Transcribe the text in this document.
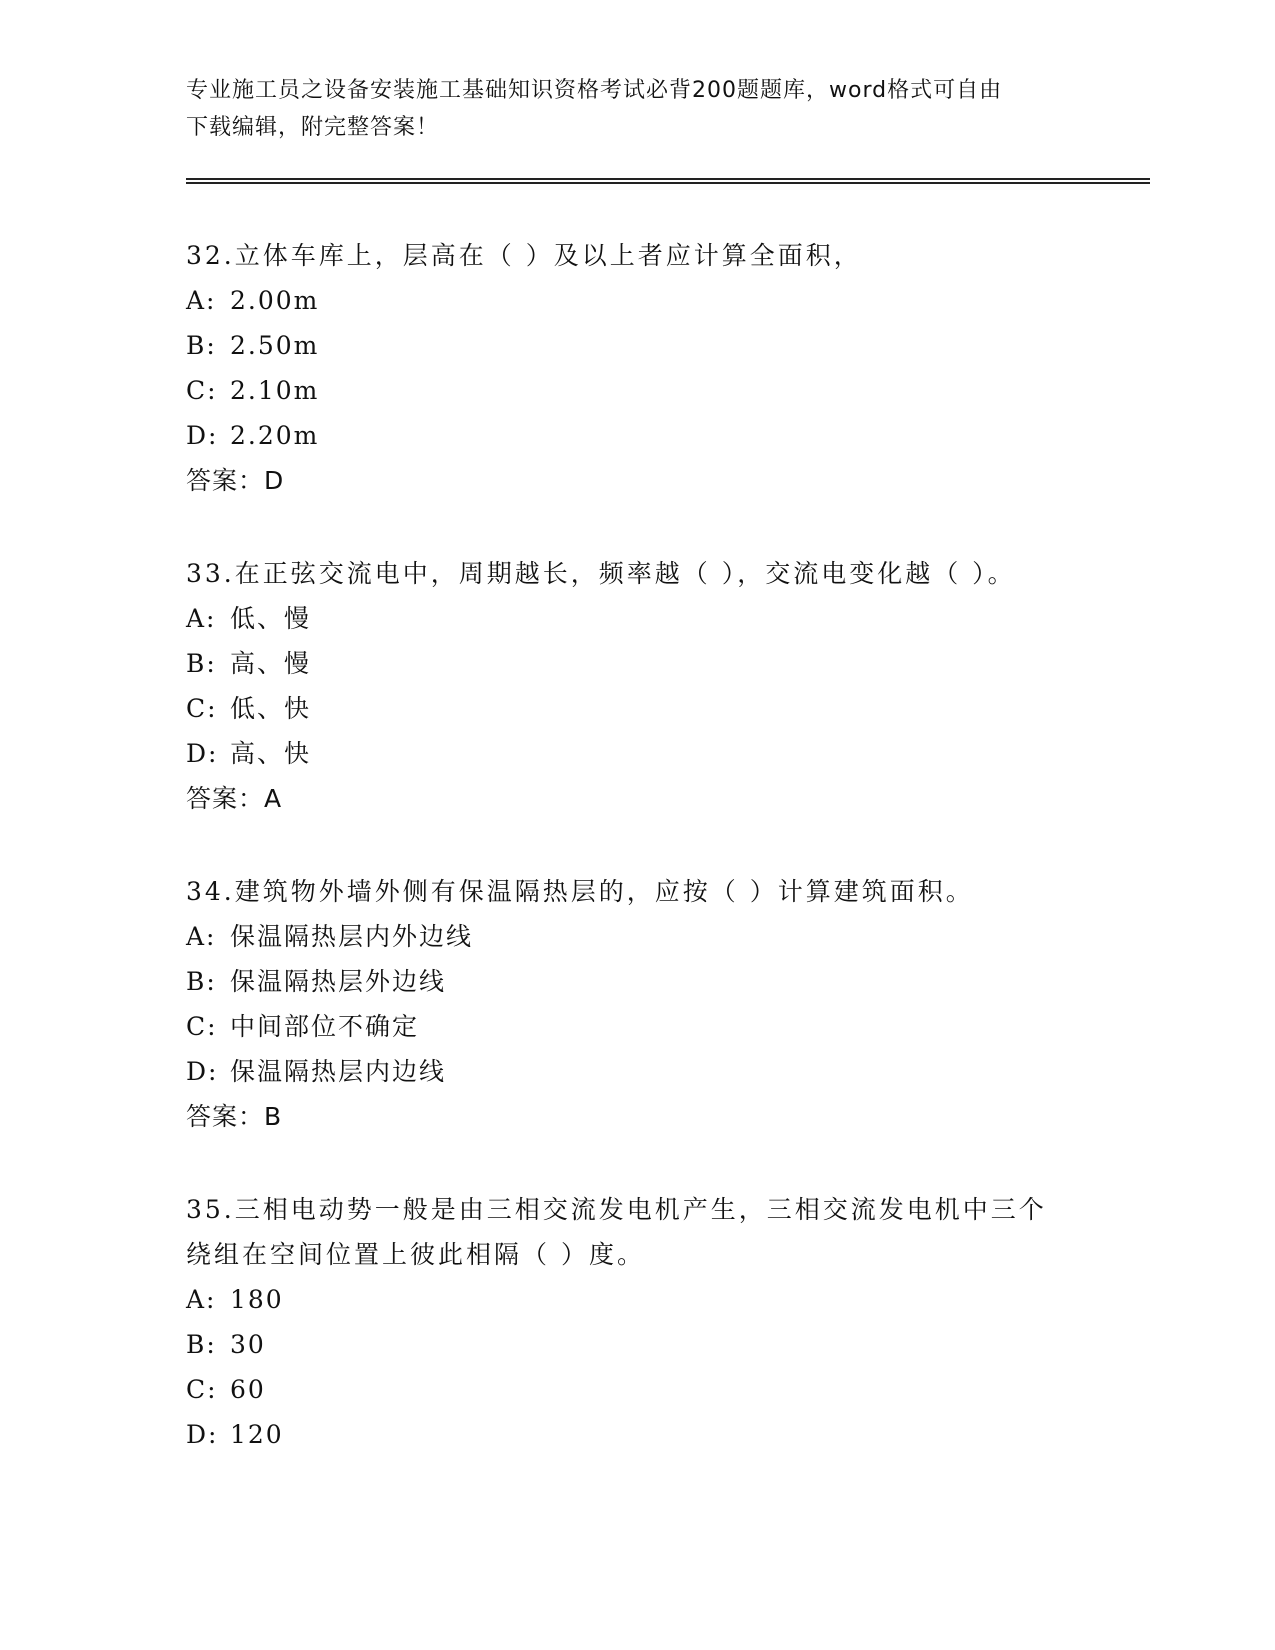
专业施工员之设备安装施工基础知识资格考试必背200题题库，word格式可自由
下载编辑，附完整答案！

32.立体车库上，层高在（ ）及以上者应计算全面积，

A: 2.00m

B: 2.50m

C: 2.10m

D: 2.20m

答案：D

33.在正弦交流电中，周期越长，频率越（ ），交流电变化越（ ）。

A: 低、慢

B: 高、慢

C: 低、快

D: 高、快

答案：A

34.建筑物外墙外侧有保温隔热层的，应按（ ）计算建筑面积。

A: 保温隔热层内外边线

B: 保温隔热层外边线

C: 中间部位不确定

D: 保温隔热层内边线

答案：B

35.三相电动势一般是由三相交流发电机产生，三相交流发电机中三个

绕组在空间位置上彼此相隔（ ）度。

A: 180

B: 30

C: 60

D: 120
